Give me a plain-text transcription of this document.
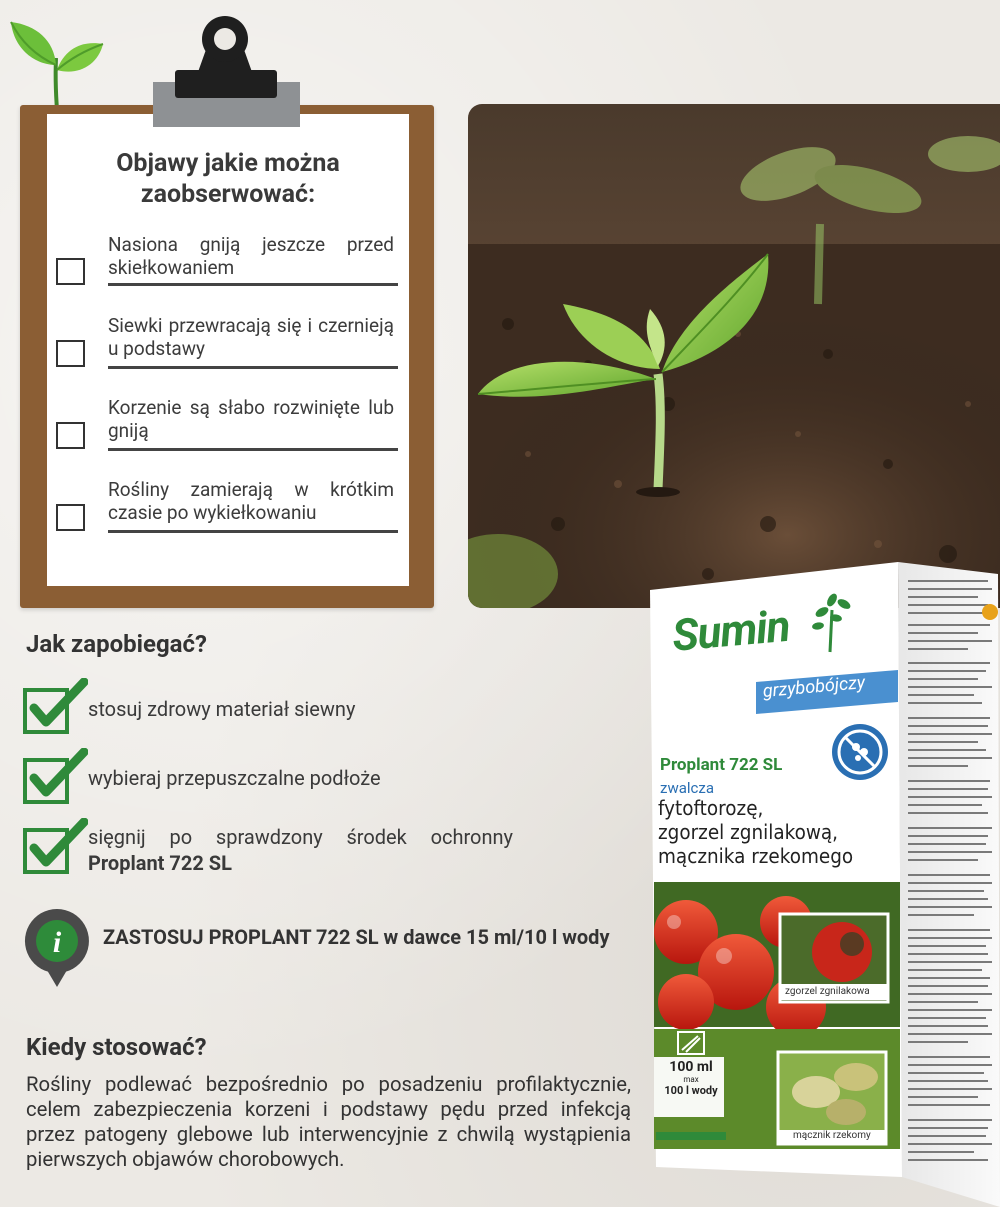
Objawy jakie można
zaobserwować:
Nasiona gniją jeszcze przed skiełkowaniem
Siewki przewracają się i czernieją u podstawy
Korzenie są słabo rozwinięte lub gniją
Rośliny zamierają w krótkim czasie po wykiełkowaniu
Jak zapobiegać?
stosuj zdrowy materiał siewny
wybieraj przepuszczalne podłoże
sięgnij po sprawdzony środek ochronny
Proplant 722 SL
i ZASTOSUJ PROPLANT 722 SL w dawce 15 ml/10 l wody
Kiedy stosować?
Rośliny podlewać bezpośrednio po posadzeniu profilaktycznie, celem zabezpieczenia korzeni i podstawy pędu przed infekcją przez patogeny glebowe lub interwencyjnie z chwilą wystąpienia pierwszych objawów chorobowych.
Sumin
grzybobójczy
Proplant 722 SL
zwalcza
fytoftorozę,
zgorzel zgnilakową,
mącznika rzekomego
zgorzel zgnilakowa
mącznik rzekomy
100 ml
max
100 l wody
